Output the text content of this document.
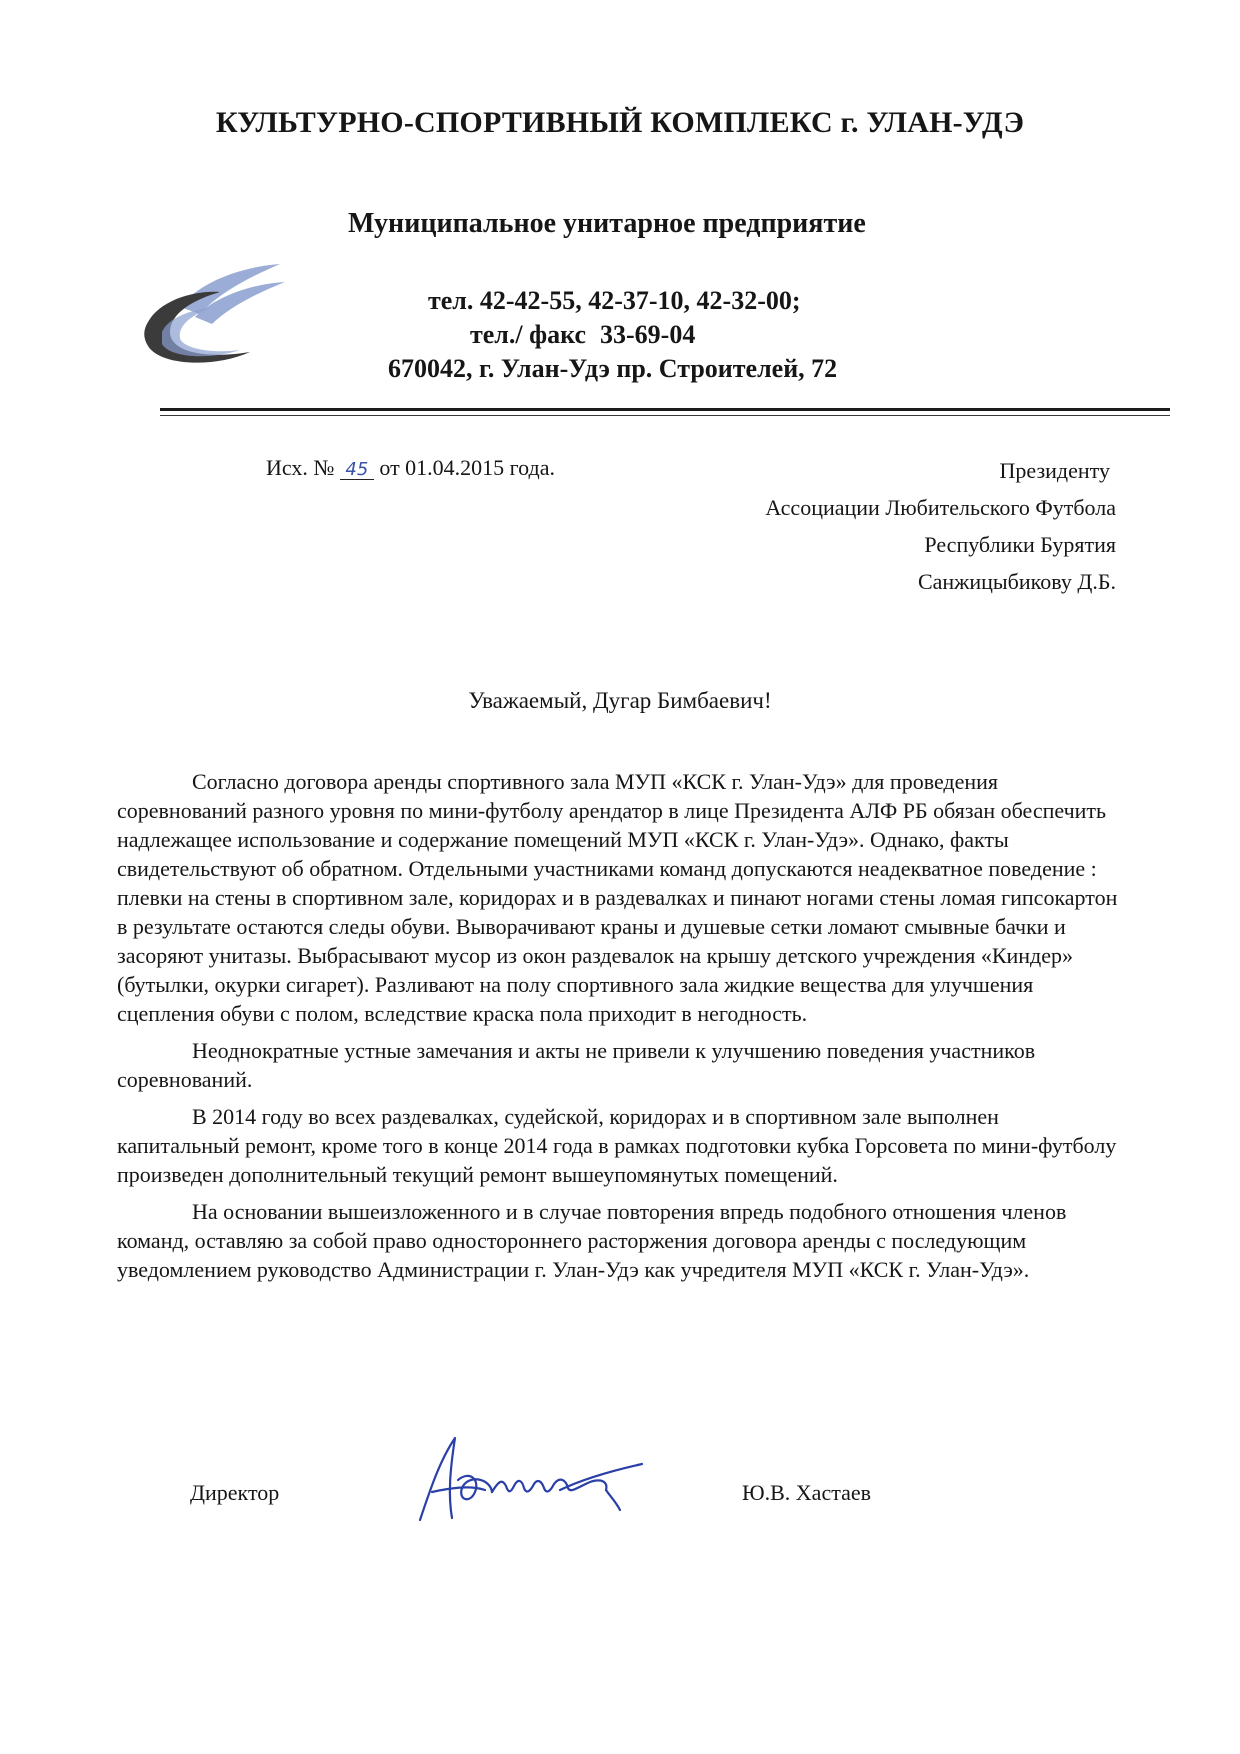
КУЛЬТУРНО-СПОРТИВНЫЙ КОМПЛЕКС г. УЛАН-УДЭ
Муниципальное унитарное предприятие
тел. 42-42-55, 42-37-10, 42-32-00;
тел./ факс 33-69-04
670042, г. Улан-Удэ пр. Строителей, 72
Исх. № 45 от 01.04.2015 года.	Президенту
Ассоциации Любительского Футбола
Республики Бурятия
Санжицыбикову Д.Б.
Уважаемый, Дугар Бимбаевич!

Согласно договора аренды спортивного зала МУП «КСК г. Улан-Удэ» для проведения соревнований разного уровня по мини-футболу арендатор в лице Президента АЛФ РБ обязан обеспечить надлежащее использование и содержание помещений МУП «КСК г. Улан-Удэ». Однако, факты свидетельствуют об обратном. Отдельными участниками команд допускаются неадекватное поведение : плевки на стены в спортивном зале, коридорах и в раздевалках и пинают ногами стены ломая гипсокартон в результате остаются следы обуви. Выворачивают краны и душевые сетки ломают смывные бачки и засоряют унитазы. Выбрасывают мусор из окон раздевалок на крышу детского учреждения «Киндер» (бутылки, окурки сигарет). Разливают на полу спортивного зала жидкие вещества для улучшения сцепления обуви с полом, вследствие краска пола приходит в негодность.

Неоднократные устные замечания и акты не привели к улучшению поведения участников соревнований.

В 2014 году во всех раздевалках, судейской, коридорах и в спортивном зале выполнен капитальный ремонт, кроме того в конце 2014 года в рамках подготовки кубка Горсовета по мини-футболу произведен дополнительный текущий ремонт вышеупомянутых помещений.

На основании вышеизложенного и в случае повторения впредь подобного отношения членов команд, оставляю за собой право одностороннего расторжения договора аренды с последующим уведомлением руководство Администрации г. Улан-Удэ как учредителя МУП «КСК г. Улан-Удэ».

Директор	Ю.В. Хастаев
